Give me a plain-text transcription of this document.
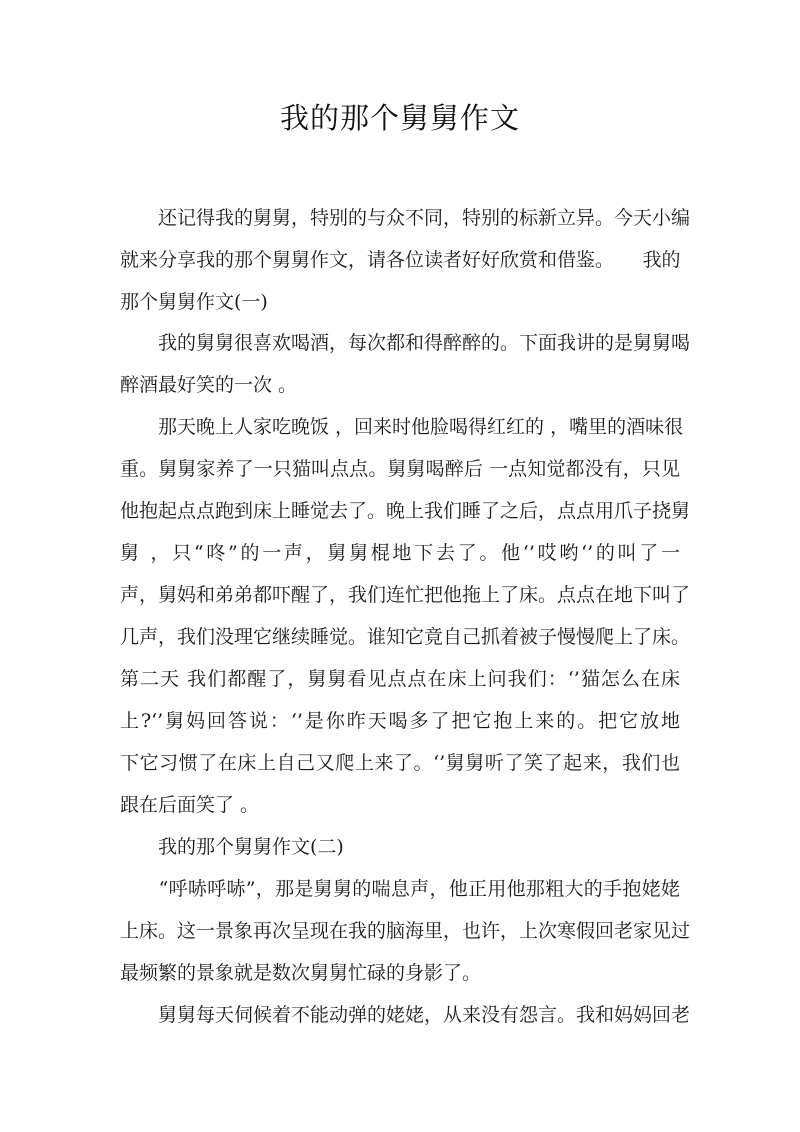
我的那个舅舅作文
　　还记得我的舅舅，特别的与众不同，特别的标新立异。今天小编
就来分享我的那个舅舅作文，请各位读者好好欣赏和借鉴。　　我的
那个舅舅作文(一)
　　我的舅舅很喜欢喝酒，每次都和得醉醉的。下面我讲的是舅舅喝
醉酒最好笑的一次 。
　　那天晚上人家吃晚饭 ，回来时他脸喝得红红的 ，嘴里的酒味很
重。舅舅家养了一只猫叫点点。舅舅喝醉后 一点知觉都没有，只见
他抱起点点跑到床上睡觉去了。晚上我们睡了之后，点点用爪子挠舅
舅 ，只“咚”的一声，舅舅棍地下去了。他‘’哎哟‘’的叫了一
声，舅妈和弟弟都吓醒了，我们连忙把他拖上了床。点点在地下叫了
几声，我们没理它继续睡觉。谁知它竟自己抓着被子慢慢爬上了床。
第二天 我们都醒了，舅舅看见点点在床上问我们：‘’猫怎么在床
上?‘’舅妈回答说：‘’是你昨天喝多了把它抱上来的。把它放地
下它习惯了在床上自己又爬上来了。‘’舅舅听了笑了起来，我们也
跟在后面笑了 。
　　我的那个舅舅作文(二)
　　“呼哧呼哧”，那是舅舅的喘息声，他正用他那粗大的手抱姥姥
上床。这一景象再次呈现在我的脑海里，也许，上次寒假回老家见过
最频繁的景象就是数次舅舅忙碌的身影了。
　　舅舅每天伺候着不能动弹的姥姥，从来没有怨言。我和妈妈回老
